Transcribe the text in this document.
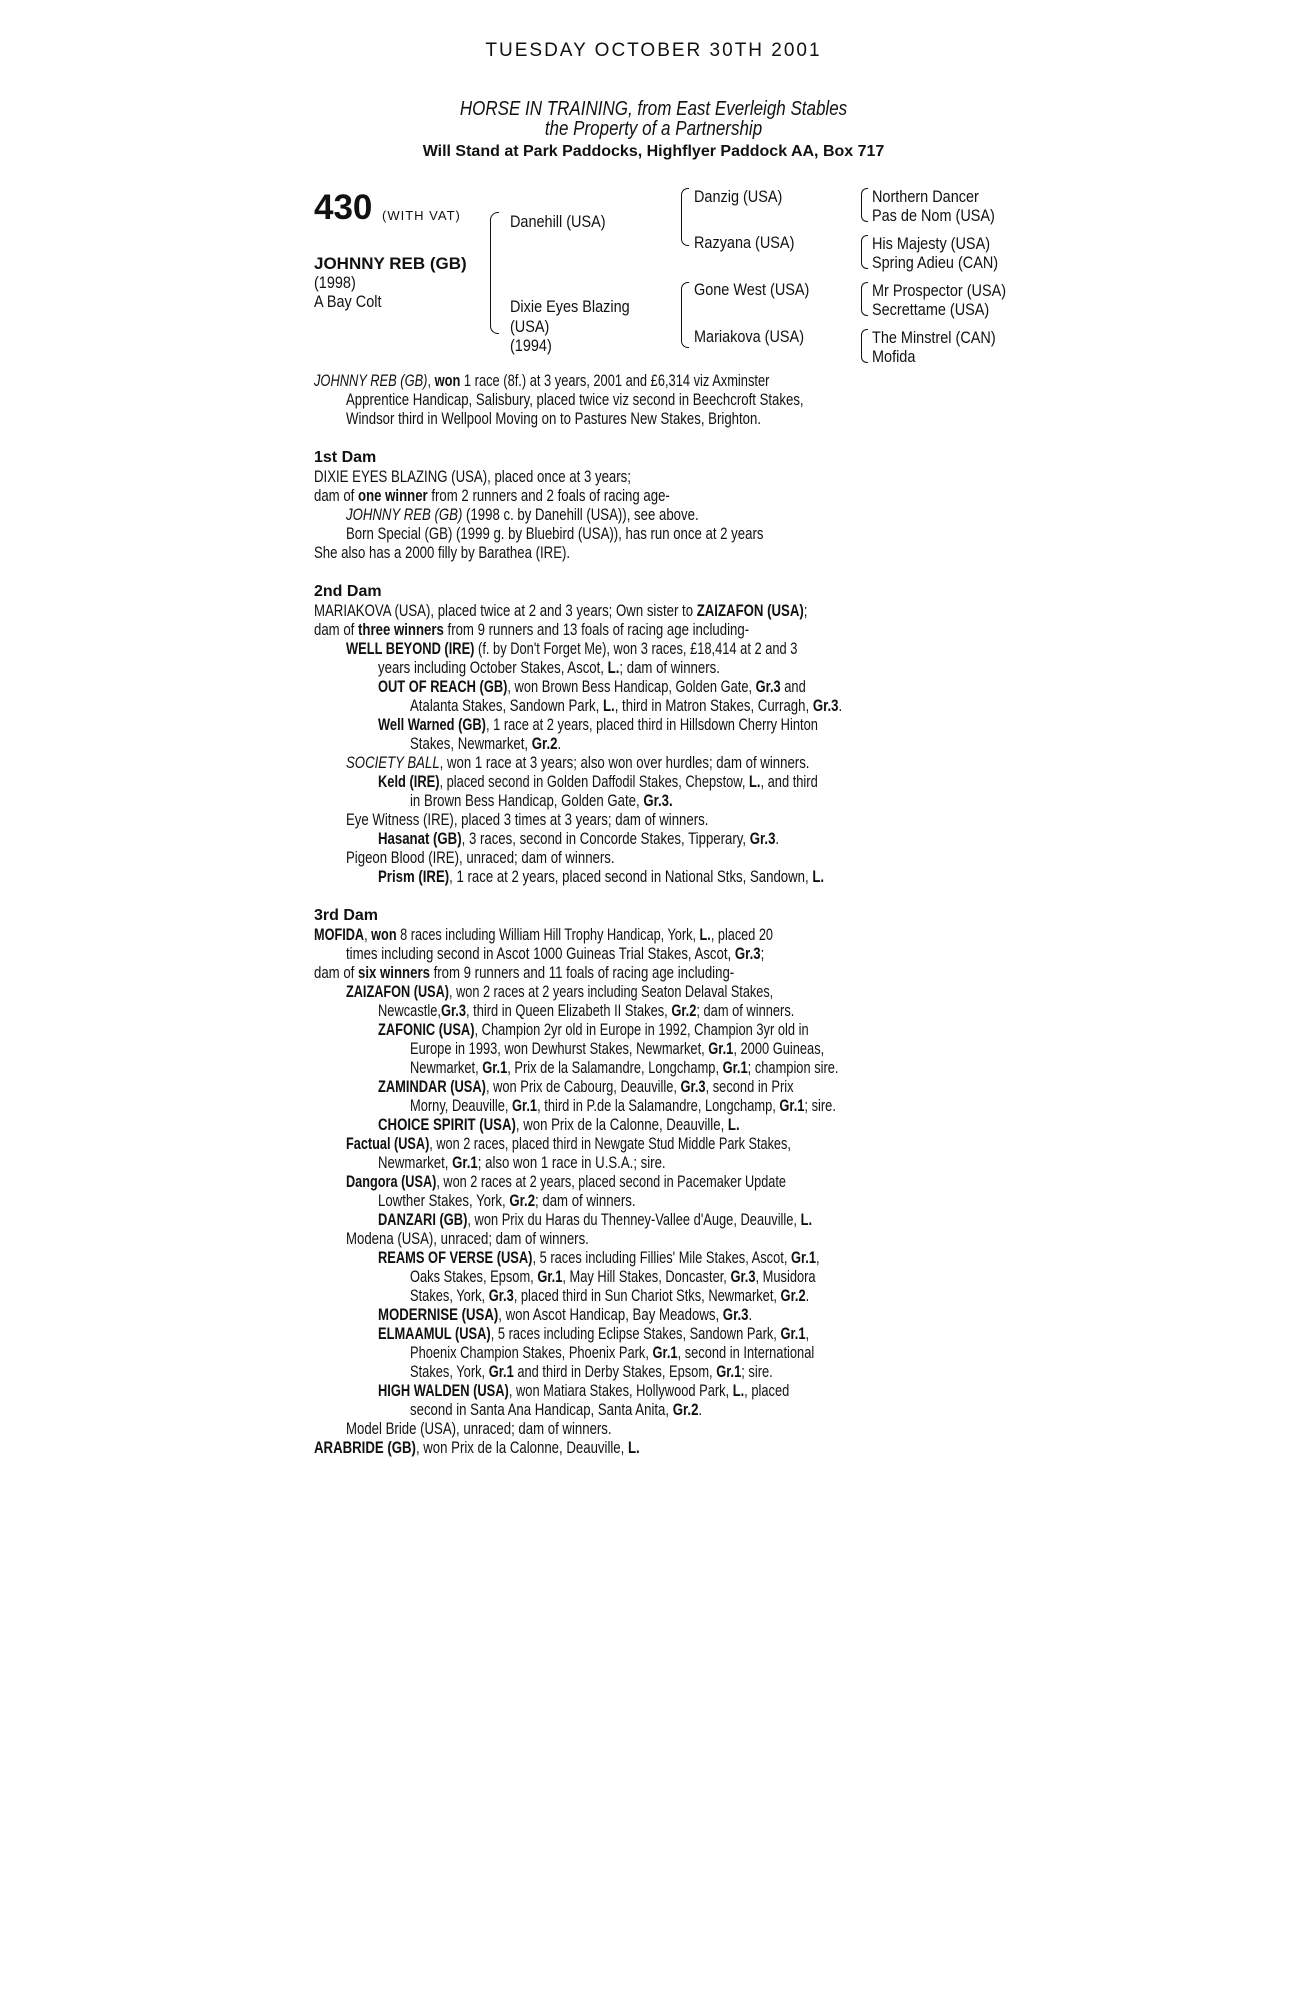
TUESDAY OCTOBER 30TH 2001
HORSE IN TRAINING, from East Everleigh Stables
the Property of a Partnership
Will Stand at Park Paddocks, Highflyer Paddock AA, Box 717
430 (WITH VAT)
JOHNNY REB (GB)
(1998)
A Bay Colt
Danehill (USA)
Dixie Eyes Blazing
(USA)
(1994)
Danzig (USA)
Razyana (USA)
Gone West (USA)
Mariakova (USA)
Northern Dancer
Pas de Nom (USA)
His Majesty (USA)
Spring Adieu (CAN)
Mr Prospector (USA)
Secrettame (USA)
The Minstrel (CAN)
Mofida
JOHNNY REB (GB), won 1 race (8f.) at 3 years, 2001 and £6,314 viz Axminster
Apprentice Handicap, Salisbury, placed twice viz second in Beechcroft Stakes,
Windsor third in Wellpool Moving on to Pastures New Stakes, Brighton.
1st Dam
DIXIE EYES BLAZING (USA), placed once at 3 years;
dam of one winner from 2 runners and 2 foals of racing age-
JOHNNY REB (GB) (1998 c. by Danehill (USA)), see above.
Born Special (GB) (1999 g. by Bluebird (USA)), has run once at 2 years
She also has a 2000 filly by Barathea (IRE).
2nd Dam
MARIAKOVA (USA), placed twice at 2 and 3 years; Own sister to ZAIZAFON (USA);
dam of three winners from 9 runners and 13 foals of racing age including-
WELL BEYOND (IRE) (f. by Don't Forget Me), won 3 races, £18,414 at 2 and 3
years including October Stakes, Ascot, L.; dam of winners.
OUT OF REACH (GB), won Brown Bess Handicap, Golden Gate, Gr.3 and
Atalanta Stakes, Sandown Park, L., third in Matron Stakes, Curragh, Gr.3.
Well Warned (GB), 1 race at 2 years, placed third in Hillsdown Cherry Hinton
Stakes, Newmarket, Gr.2.
SOCIETY BALL, won 1 race at 3 years; also won over hurdles; dam of winners.
Keld (IRE), placed second in Golden Daffodil Stakes, Chepstow, L., and third
in Brown Bess Handicap, Golden Gate, Gr.3.
Eye Witness (IRE), placed 3 times at 3 years; dam of winners.
Hasanat (GB), 3 races, second in Concorde Stakes, Tipperary, Gr.3.
Pigeon Blood (IRE), unraced; dam of winners.
Prism (IRE), 1 race at 2 years, placed second in National Stks, Sandown, L.
3rd Dam
MOFIDA, won 8 races including William Hill Trophy Handicap, York, L., placed 20
times including second in Ascot 1000 Guineas Trial Stakes, Ascot, Gr.3;
dam of six winners from 9 runners and 11 foals of racing age including-
ZAIZAFON (USA), won 2 races at 2 years including Seaton Delaval Stakes,
Newcastle,Gr.3, third in Queen Elizabeth II Stakes, Gr.2; dam of winners.
ZAFONIC (USA), Champion 2yr old in Europe in 1992, Champion 3yr old in
Europe in 1993, won Dewhurst Stakes, Newmarket, Gr.1, 2000 Guineas,
Newmarket, Gr.1, Prix de la Salamandre, Longchamp, Gr.1; champion sire.
ZAMINDAR (USA), won Prix de Cabourg, Deauville, Gr.3, second in Prix
Morny, Deauville, Gr.1, third in P.de la Salamandre, Longchamp, Gr.1; sire.
CHOICE SPIRIT (USA), won Prix de la Calonne, Deauville, L.
Factual (USA), won 2 races, placed third in Newgate Stud Middle Park Stakes,
Newmarket, Gr.1; also won 1 race in U.S.A.; sire.
Dangora (USA), won 2 races at 2 years, placed second in Pacemaker Update
Lowther Stakes, York, Gr.2; dam of winners.
DANZARI (GB), won Prix du Haras du Thenney-Vallee d'Auge, Deauville, L.
Modena (USA), unraced; dam of winners.
REAMS OF VERSE (USA), 5 races including Fillies' Mile Stakes, Ascot, Gr.1,
Oaks Stakes, Epsom, Gr.1, May Hill Stakes, Doncaster, Gr.3, Musidora
Stakes, York, Gr.3, placed third in Sun Chariot Stks, Newmarket, Gr.2.
MODERNISE (USA), won Ascot Handicap, Bay Meadows, Gr.3.
ELMAAMUL (USA), 5 races including Eclipse Stakes, Sandown Park, Gr.1,
Phoenix Champion Stakes, Phoenix Park, Gr.1, second in International
Stakes, York, Gr.1 and third in Derby Stakes, Epsom, Gr.1; sire.
HIGH WALDEN (USA), won Matiara Stakes, Hollywood Park, L., placed
second in Santa Ana Handicap, Santa Anita, Gr.2.
Model Bride (USA), unraced; dam of winners.
ARABRIDE (GB), won Prix de la Calonne, Deauville, L.
